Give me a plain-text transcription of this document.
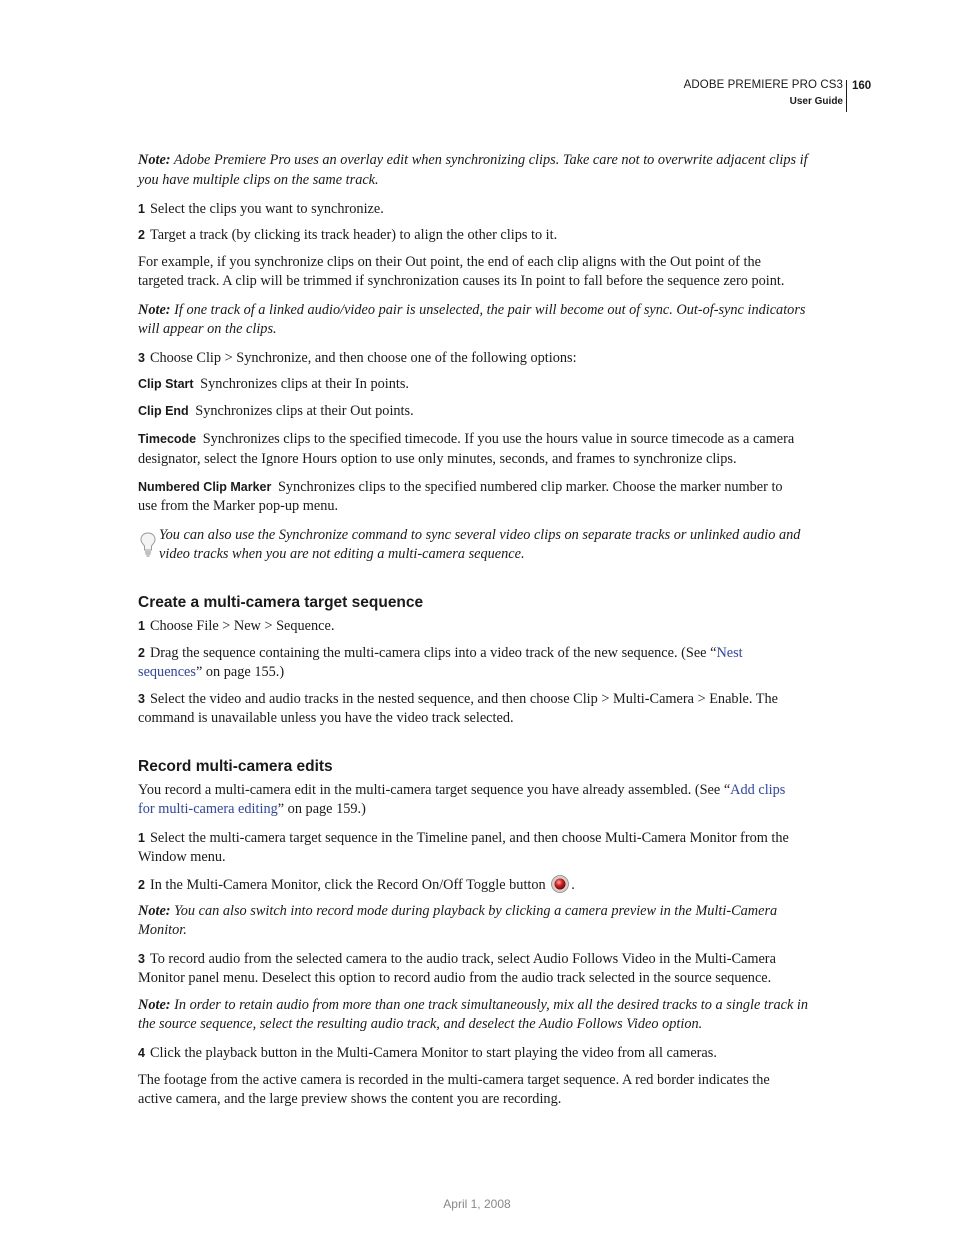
ADOBE PREMIERE PRO CS3
User Guide
160
Note: Adobe Premiere Pro uses an overlay edit when synchronizing clips. Take care not to overwrite adjacent clips if
you have multiple clips on the same track.
1 Select the clips you want to synchronize.
2 Target a track (by clicking its track header) to align the other clips to it.
For example, if you synchronize clips on their Out point, the end of each clip aligns with the Out point of the
targeted track. A clip will be trimmed if synchronization causes its In point to fall before the sequence zero point.
Note: If one track of a linked audio/video pair is unselected, the pair will become out of sync. Out-of-sync indicators
will appear on the clips.
3 Choose Clip > Synchronize, and then choose one of the following options:
Clip Start Synchronizes clips at their In points.
Clip End Synchronizes clips at their Out points.
Timecode Synchronizes clips to the specified timecode. If you use the hours value in source timecode as a camera
designator, select the Ignore Hours option to use only minutes, seconds, and frames to synchronize clips.
Numbered Clip Marker Synchronizes clips to the specified numbered clip marker. Choose the marker number to
use from the Marker pop-up menu.
You can also use the Synchronize command to sync several video clips on separate tracks or unlinked audio and
video tracks when you are not editing a multi-camera sequence.
Create a multi-camera target sequence
1 Choose File > New > Sequence.
2 Drag the sequence containing the multi-camera clips into a video track of the new sequence. (See “Nest
sequences” on page 155.)
3 Select the video and audio tracks in the nested sequence, and then choose Clip > Multi-Camera > Enable. The
command is unavailable unless you have the video track selected.
Record multi-camera edits
You record a multi-camera edit in the multi-camera target sequence you have already assembled. (See “Add clips
for multi-camera editing” on page 159.)
1 Select the multi-camera target sequence in the Timeline panel, and then choose Multi-Camera Monitor from the
Window menu.
2 In the Multi-Camera Monitor, click the Record On/Off Toggle button .
Note: You can also switch into record mode during playback by clicking a camera preview in the Multi-Camera
Monitor.
3 To record audio from the selected camera to the audio track, select Audio Follows Video in the Multi-Camera
Monitor panel menu. Deselect this option to record audio from the audio track selected in the source sequence.
Note: In order to retain audio from more than one track simultaneously, mix all the desired tracks to a single track in
the source sequence, select the resulting audio track, and deselect the Audio Follows Video option.
4 Click the playback button in the Multi-Camera Monitor to start playing the video from all cameras.
The footage from the active camera is recorded in the multi-camera target sequence. A red border indicates the
active camera, and the large preview shows the content you are recording.
April 1, 2008
